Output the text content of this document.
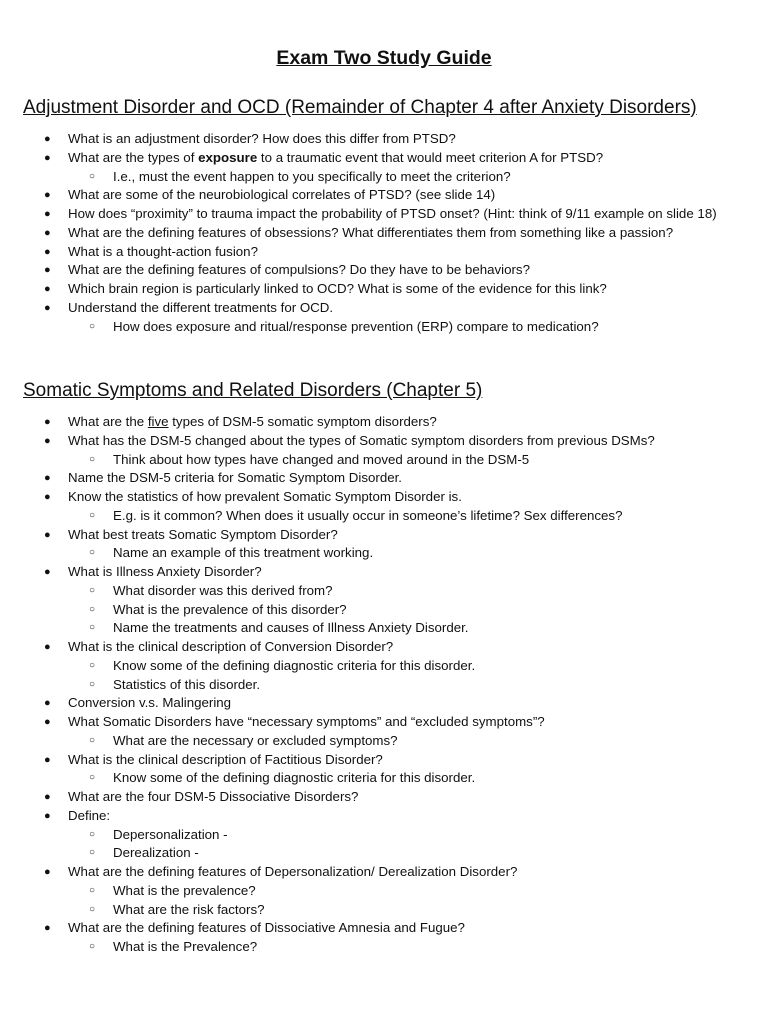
Exam Two Study Guide
Adjustment Disorder and OCD (Remainder of Chapter 4 after Anxiety Disorders)
● What is an adjustment disorder? How does this differ from PTSD?
● What are the types of exposure to a traumatic event that would meet criterion A for PTSD?
○ I.e., must the event happen to you specifically to meet the criterion?
● What are some of the neurobiological correlates of PTSD? (see slide 14)
● How does “proximity” to trauma impact the probability of PTSD onset? (Hint: think of 9/11 example on slide 18)
● What are the defining features of obsessions? What differentiates them from something like a passion?
● What is a thought-action fusion?
● What are the defining features of compulsions? Do they have to be behaviors?
● Which brain region is particularly linked to OCD? What is some of the evidence for this link?
● Understand the different treatments for OCD.
○ How does exposure and ritual/response prevention (ERP) compare to medication?
Somatic Symptoms and Related Disorders (Chapter 5)
● What are the five types of DSM-5 somatic symptom disorders?
● What has the DSM-5 changed about the types of Somatic symptom disorders from previous DSMs?
○ Think about how types have changed and moved around in the DSM-5
● Name the DSM-5 criteria for Somatic Symptom Disorder.
● Know the statistics of how prevalent Somatic Symptom Disorder is.
○ E.g. is it common? When does it usually occur in someone’s lifetime? Sex differences?
● What best treats Somatic Symptom Disorder?
○ Name an example of this treatment working.
● What is Illness Anxiety Disorder?
○ What disorder was this derived from?
○ What is the prevalence of this disorder?
○ Name the treatments and causes of Illness Anxiety Disorder.
● What is the clinical description of Conversion Disorder?
○ Know some of the defining diagnostic criteria for this disorder.
○ Statistics of this disorder.
● Conversion v.s. Malingering
● What Somatic Disorders have “necessary symptoms” and “excluded symptoms”?
○ What are the necessary or excluded symptoms?
● What is the clinical description of Factitious Disorder?
○ Know some of the defining diagnostic criteria for this disorder.
● What are the four DSM-5 Dissociative Disorders?
● Define:
○ Depersonalization -
○ Derealization -
● What are the defining features of Depersonalization/ Derealization Disorder?
○ What is the prevalence?
○ What are the risk factors?
● What are the defining features of Dissociative Amnesia and Fugue?
○ What is the Prevalence?
